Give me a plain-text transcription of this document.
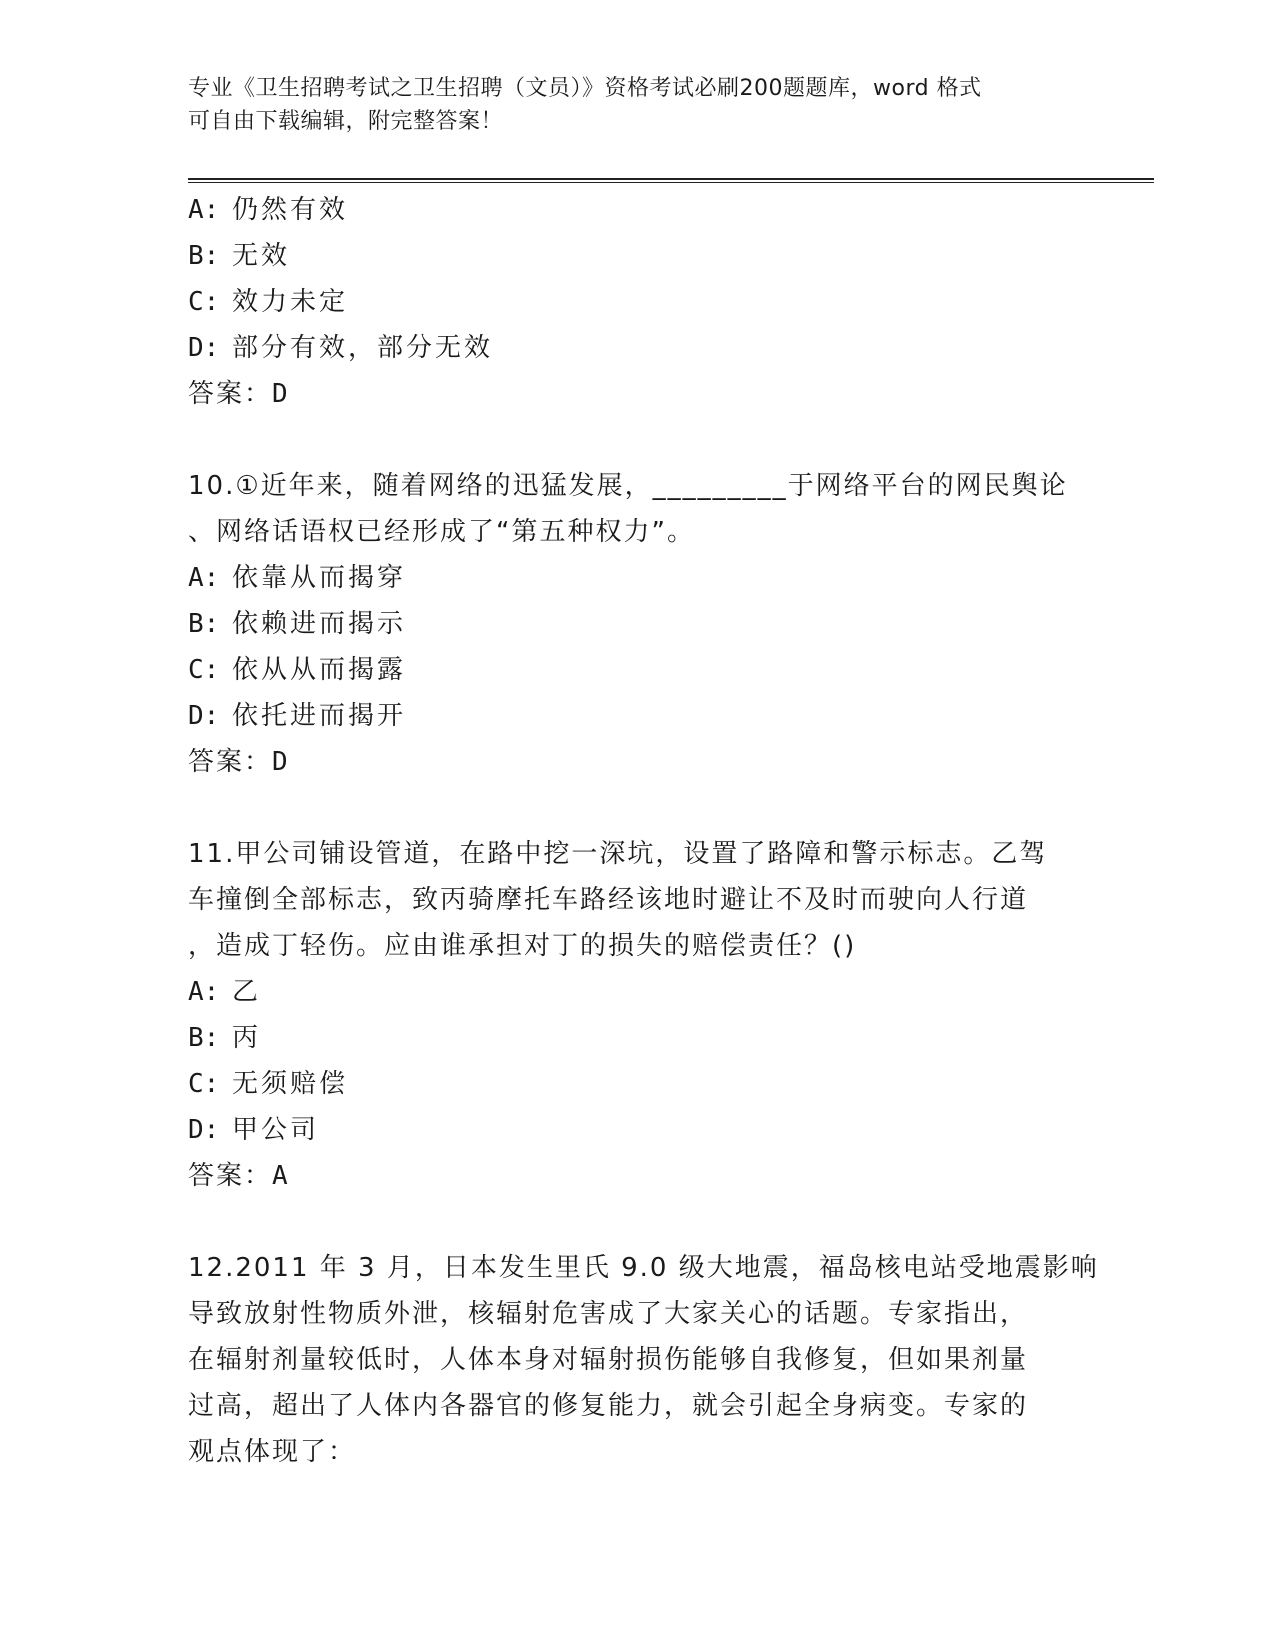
专业《卫生招聘考试之卫生招聘（文员）》资格考试必刷200题题库，word 格式
可自由下载编辑，附完整答案！
A: 仍然有效
B: 无效
C: 效力未定
D: 部分有效，部分无效
答案：D
10.①近年来，随着网络的迅猛发展，_________于网络平台的网民舆论
、网络话语权已经形成了“第五种权力”。
A: 依靠从而揭穿
B: 依赖进而揭示
C: 依从从而揭露
D: 依托进而揭开
答案：D
11.甲公司铺设管道，在路中挖一深坑，设置了路障和警示标志。乙驾
车撞倒全部标志，致丙骑摩托车路经该地时避让不及时而驶向人行道
，造成丁轻伤。应由谁承担对丁的损失的赔偿责任？()
A: 乙
B: 丙
C: 无须赔偿
D: 甲公司
答案：A
12.2011 年 3 月，日本发生里氏 9.0 级大地震，福岛核电站受地震影响
导致放射性物质外泄，核辐射危害成了大家关心的话题。专家指出，
在辐射剂量较低时，人体本身对辐射损伤能够自我修复，但如果剂量
过高，超出了人体内各器官的修复能力，就会引起全身病变。专家的
观点体现了：
